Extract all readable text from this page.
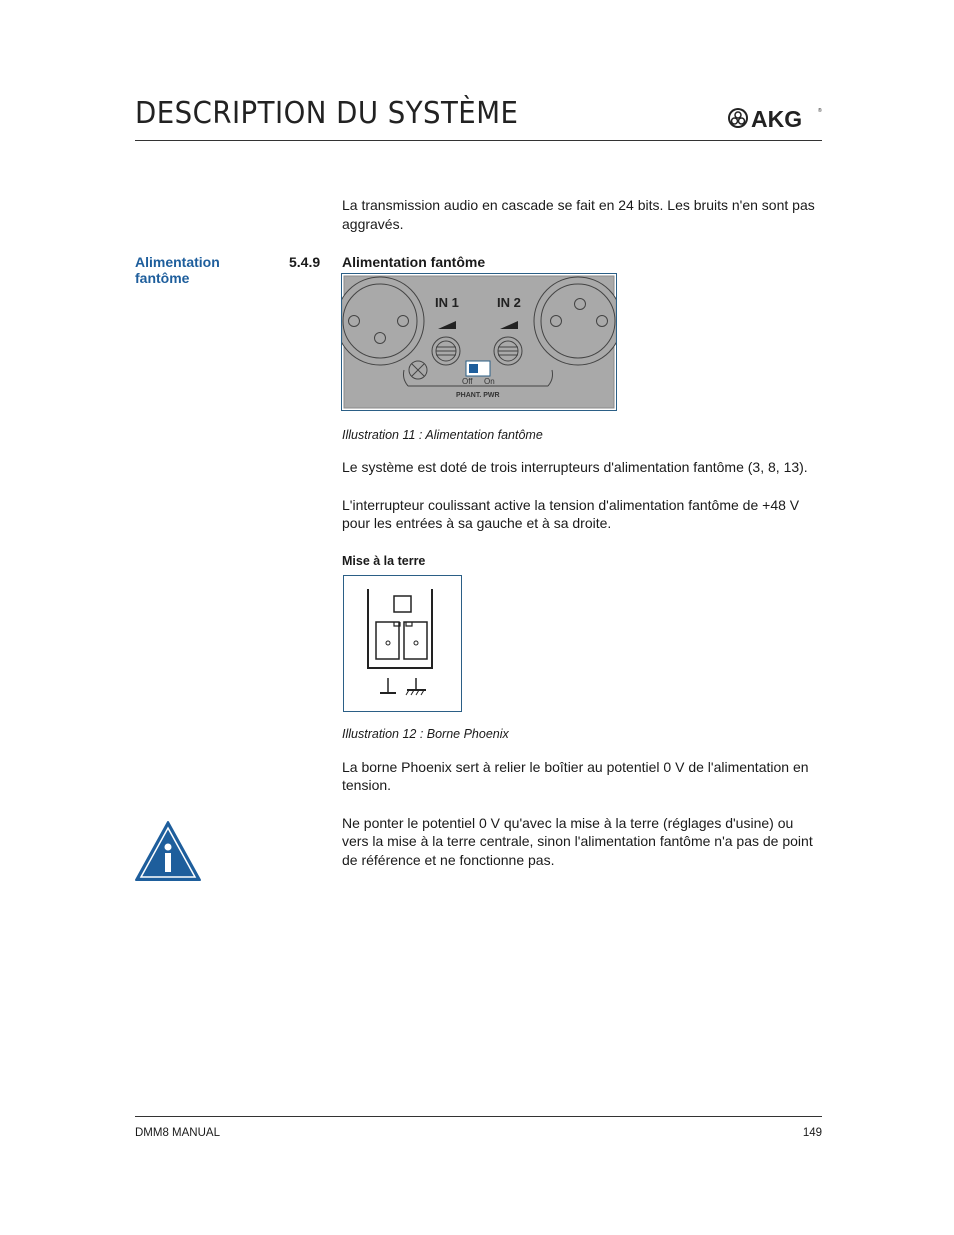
DESCRIPTION DU SYSTÈME	AKG	®
La transmission audio en cascade se fait en 24 bits. Les bruits n'en sont pas
aggravés.
Alimentation
fantôme
5.4.9 Alimentation fantôme
IN 1	IN 2
Off On
PHANT. PWR
Illustration 11 : Alimentation fantôme
Le système est doté de trois interrupteurs d'alimentation fantôme (3, 8, 13).
L'interrupteur coulissant active la tension d'alimentation fantôme de +48 V
pour les entrées à sa gauche et à sa droite.
Mise à la terre
Illustration 12 : Borne Phoenix
La borne Phoenix sert à relier le boîtier au potentiel 0 V de l'alimentation en
tension.
Ne ponter le potentiel 0 V qu'avec la mise à la terre (réglages d'usine) ou
vers la mise à la terre centrale, sinon l'alimentation fantôme n'a pas de point
de référence et ne fonctionne pas.
DMM8 MANUAL	149
